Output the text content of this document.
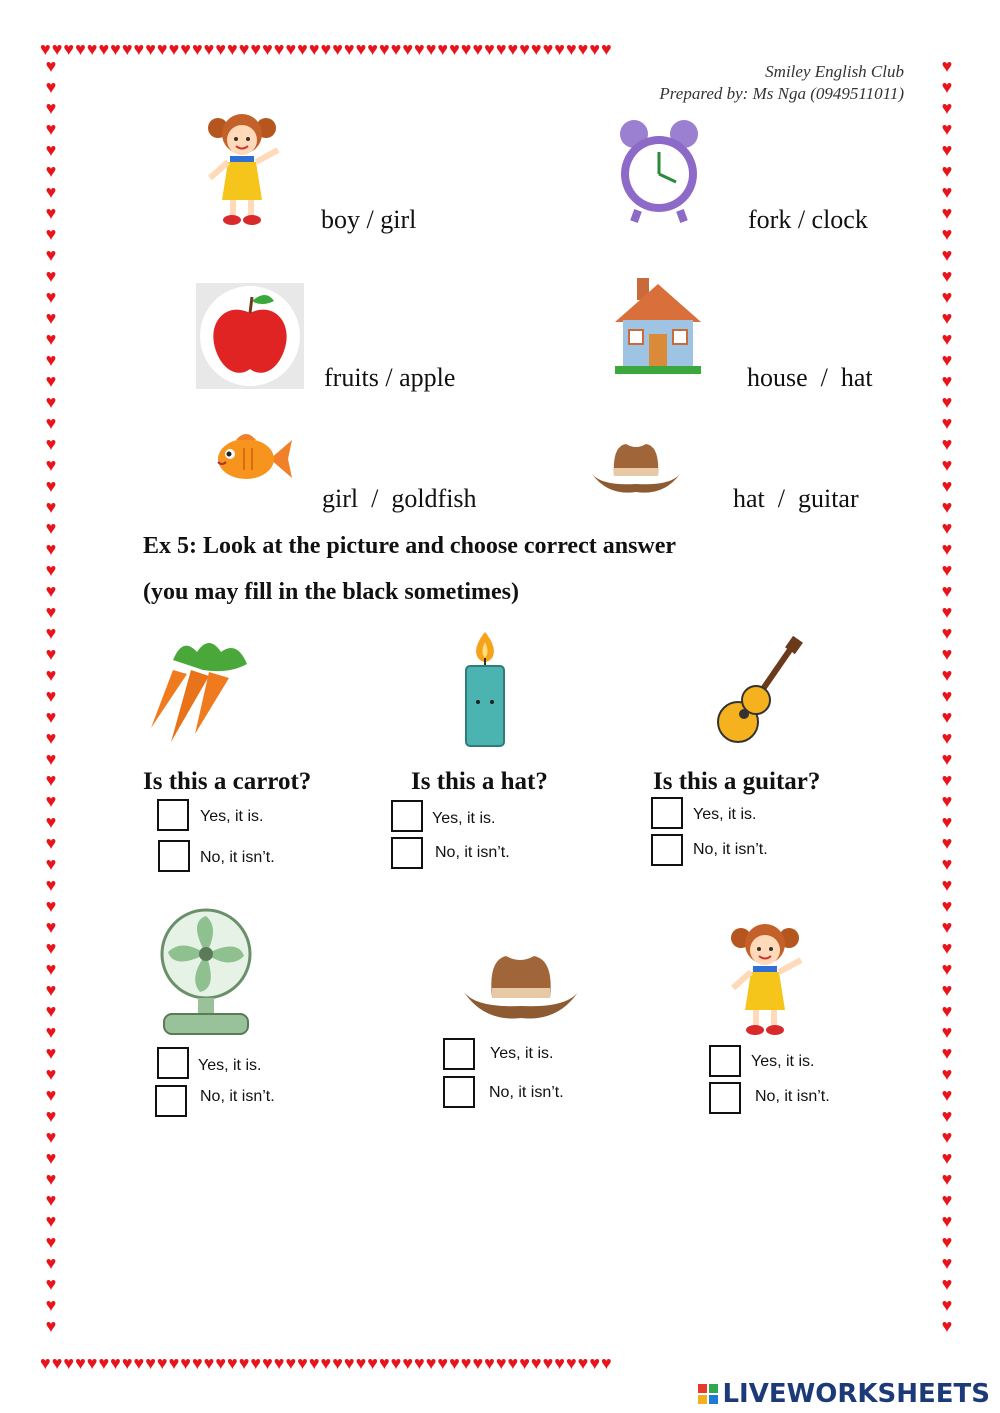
♥♥♥♥♥♥♥♥♥♥♥♥♥♥♥♥♥♥♥♥♥♥♥♥♥♥♥♥♥♥♥♥♥♥♥♥♥♥♥♥♥♥♥♥♥♥♥♥♥
♥♥♥♥♥♥♥♥♥♥♥♥♥♥♥♥♥♥♥♥♥♥♥♥♥♥♥♥♥♥♥♥♥♥♥♥♥♥♥♥♥♥♥♥♥♥♥♥♥
♥
♥
♥
♥
♥
♥
♥
♥
♥
♥
♥
♥
♥
♥
♥
♥
♥
♥
♥
♥
♥
♥
♥
♥
♥
♥
♥
♥
♥
♥
♥
♥
♥
♥
♥
♥
♥
♥
♥
♥
♥
♥
♥
♥
♥
♥
♥
♥
♥
♥
♥
♥
♥
♥
♥
♥
♥
♥
♥
♥
♥
♥
♥
♥
♥
♥
♥
♥
♥
♥
♥
♥
♥
♥
♥
♥
♥
♥
♥
♥
♥
♥
♥
♥
♥
♥
♥
♥
♥
♥
♥
♥
♥
♥
♥
♥
♥
♥
♥
♥
♥
♥
♥
♥
♥
♥
♥
♥
♥
♥
♥
♥
♥
♥
♥
♥
♥
♥
♥
♥
♥
♥
Smiley English Club
Prepared by: Ms Nga (0949511011)
boy / girl	fork / clock
fruits / apple	house  /  hat
girl  /  goldfish	hat  /  guitar
Ex 5: Look at the picture and choose correct answer
(you may fill in the black sometimes)
Is this a carrot?
Yes, it is.
No, it isn’t.
Is this a hat?
Yes, it is.
No, it isn’t.
Is this a guitar?
Yes, it is.
No, it isn’t.
Yes, it is.
No, it isn’t.
Yes, it is.
No, it isn’t.
Yes, it is.
No, it isn’t.
LIVEWORKSHEETS
